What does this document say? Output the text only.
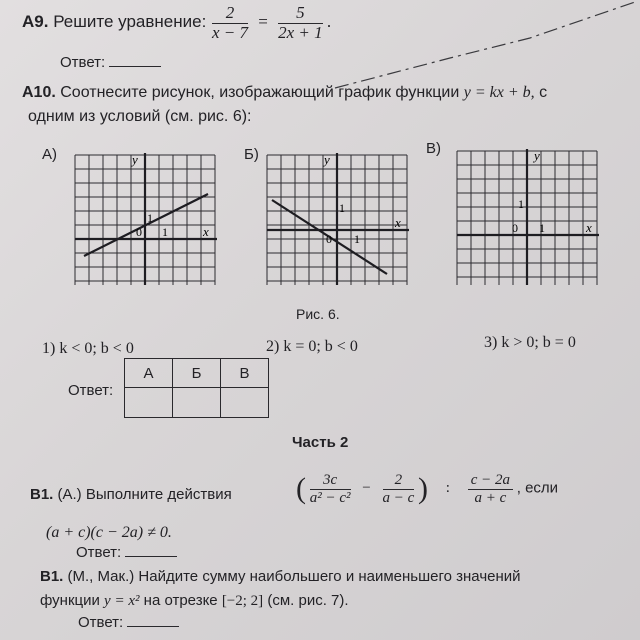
А9. Решите уравнение: $\frac{2}{x - 7} = \frac{5}{2x + 1}$ .
Ответ:
А10. Соотнесите рисунок, изображающий график функции y = kx + b, с
одним из условий (см. рис. 6):
А)	y
x
1
0 1
Б)	y
x
1
0 1
В)	y
x
1
0 1
Рис. 6.
1) k < 0; b < 0	2) k = 0; b < 0	3) k > 0; b = 0
Ответ:
А	Б	В

Часть 2
В1. (А.) Выполните действия ( $\frac{3c}{\text{a² − c²}} - \frac{2}{a - c}$ ) : $\frac{c - 2a}{a + c}$ , если
(a + c)(c − 2a) ≠ 0.
Ответ:
В1. (М., Мак.) Найдите сумму наибольшего и наименьшего значений
функции y = x² на отрезке [−2; 2] (см. рис. 7).
Ответ:
